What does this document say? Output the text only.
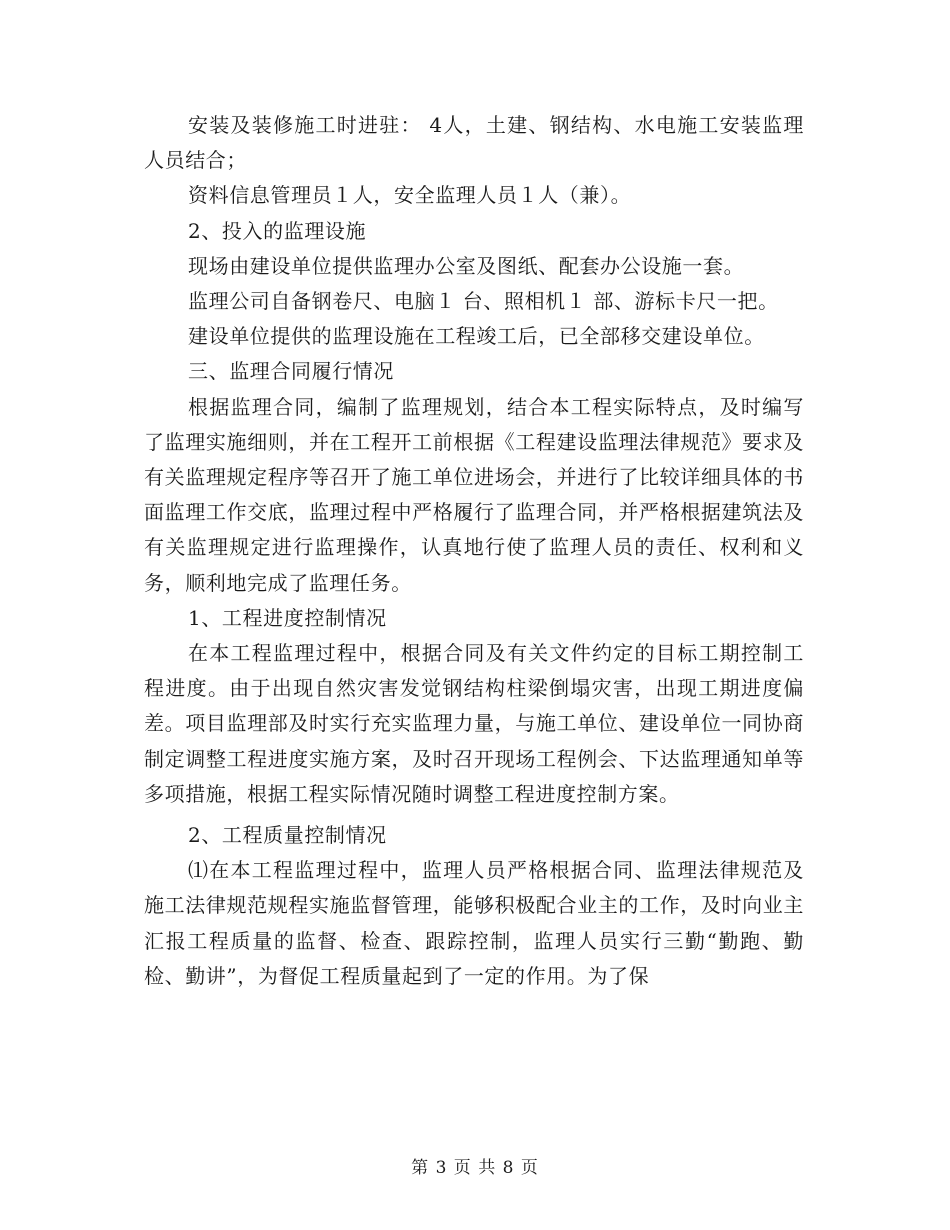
安装及装修施工时进驻： 4人，土建、钢结构、水电施工安装监理人员结合；

资料信息管理员１人，安全监理人员１人（兼）。

2、投入的监理设施

现场由建设单位提供监理办公室及图纸、配套办公设施一套。

监理公司自备钢卷尺、电脑１ 台、照相机１ 部、游标卡尺一把。

建设单位提供的监理设施在工程竣工后，已全部移交建设单位。

三、监理合同履行情况

根据监理合同，编制了监理规划，结合本工程实际特点，及时编写了监理实施细则，并在工程开工前根据《工程建设监理法律规范》要求及有关监理规定程序等召开了施工单位进场会，并进行了比较详细具体的书面监理工作交底，监理过程中严格履行了监理合同，并严格根据建筑法及有关监理规定进行监理操作，认真地行使了监理人员的责任、权利和义务，顺利地完成了监理任务。

1、工程进度控制情况

在本工程监理过程中，根据合同及有关文件约定的目标工期控制工程进度。由于出现自然灾害发觉钢结构柱梁倒塌灾害，出现工期进度偏差。项目监理部及时实行充实监理力量，与施工单位、建设单位一同协商制定调整工程进度实施方案，及时召开现场工程例会、下达监理通知单等多项措施，根据工程实际情况随时调整工程进度控制方案。

2、工程质量控制情况

⑴在本工程监理过程中，监理人员严格根据合同、监理法律规范及施工法律规范规程实施监督管理，能够积极配合业主的工作，及时向业主汇报工程质量的监督、检查、跟踪控制，监理人员实行三勤“勤跑、勤检、勤讲”，为督促工程质量起到了一定的作用。为了保

第 3 页 共 8 页
